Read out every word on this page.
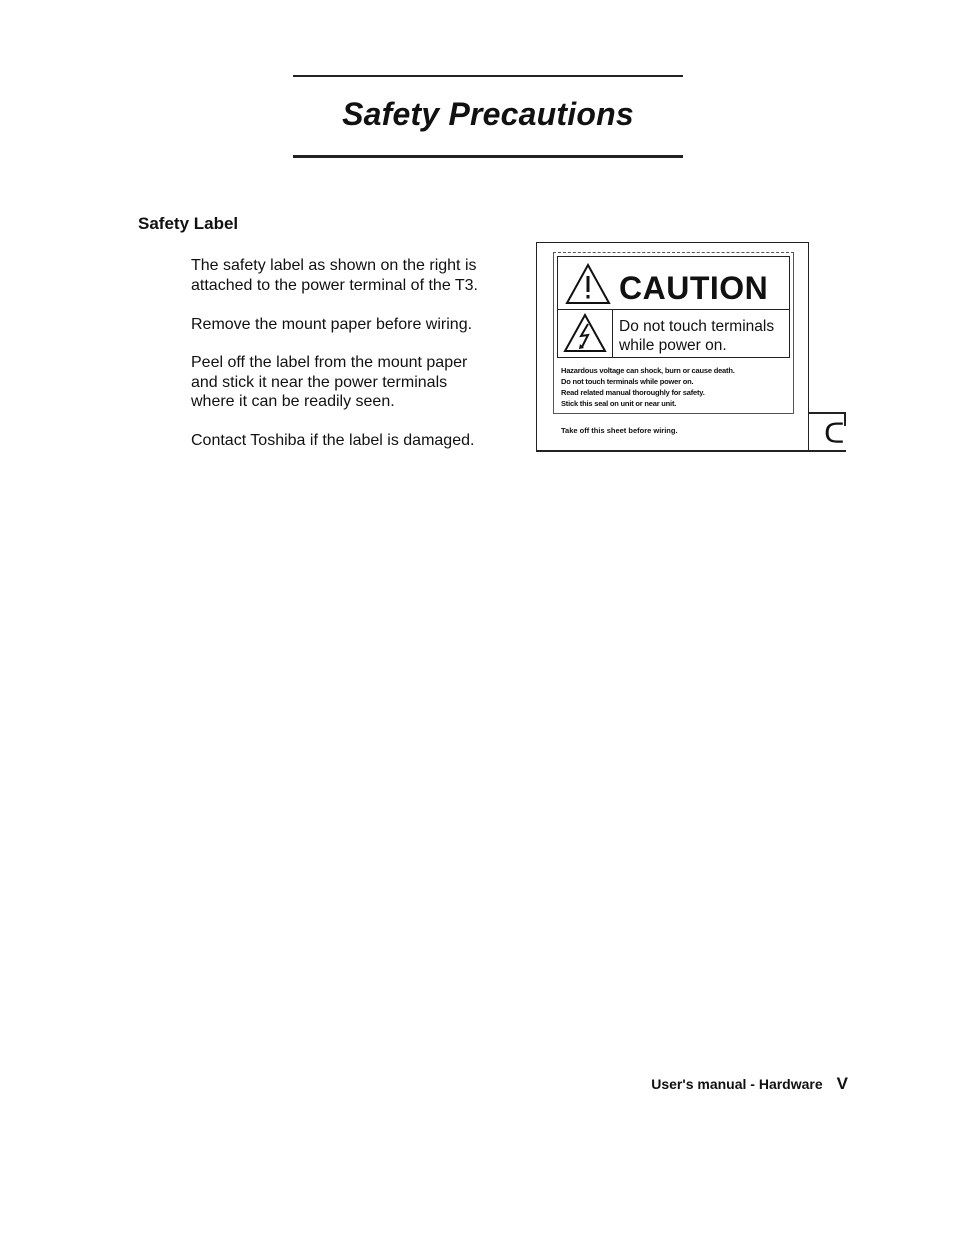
Safety Precautions
Safety Label

The safety label as shown on the right is

attached to the power terminal of the T3.

Remove the mount paper before wiring.

Peel off the label from the mount paper

and stick it near the power terminals

where it can be readily seen.

Contact Toshiba if the label is damaged.	ᑕ
CAUTION
Do not touch terminals
while power on.
Hazardous voltage can shock, burn or cause death.
Do not touch terminals while power on.
Read related manual thoroughly for safety.
Stick this seal on unit or near unit.
Take off this sheet before wiring.
User's manual - Hardware V
